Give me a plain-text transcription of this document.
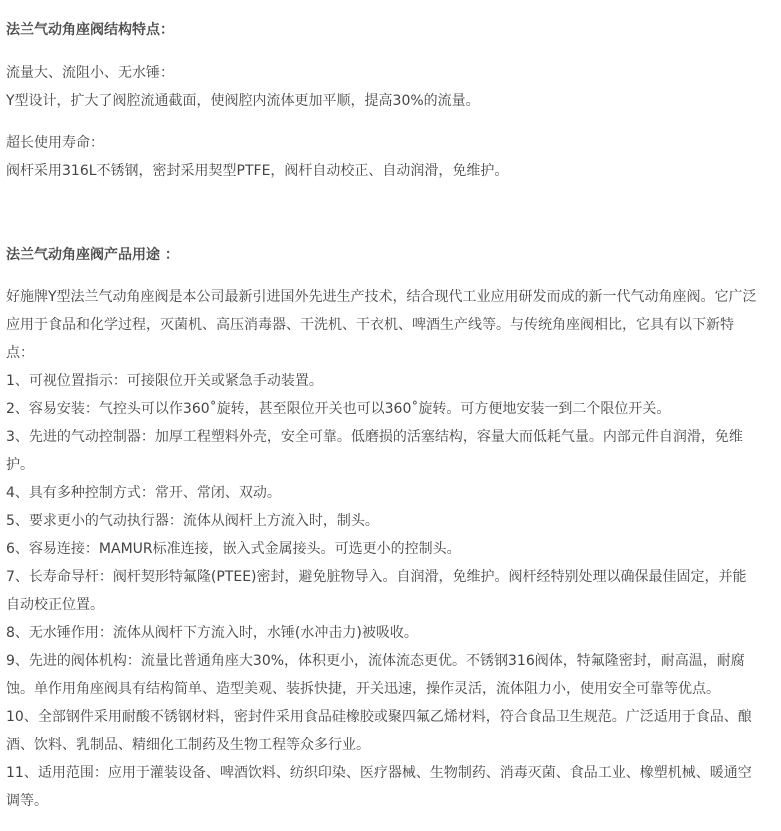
法兰气动角座阀结构特点：
流量大、流阻小、无水锤：
Y型设计，扩大了阀腔流通截面，使阀腔内流体更加平顺，提高30%的流量。
超长使用寿命：
阀杆采用316L不锈钢，密封采用契型PTFE，阀杆自动校正、自动润滑，免维护。
法兰气动角座阀产品用途 ：
好施牌Y型法兰气动角座阀是本公司最新引进国外先进生产技术，结合现代工业应用研发而成的新一代气动角座阀。它广泛应用于食品和化学过程，灭菌机、高压消毒器、干洗机、干衣机、啤酒生产线等。与传统角座阀相比，它具有以下新特点：
1、可视位置指示：可接限位开关或紧急手动装置。
2、容易安装：气控头可以作360˚旋转，甚至限位开关也可以360˚旋转。可方便地安装一到二个限位开关。
3、先进的气动控制器：加厚工程塑料外壳，安全可靠。低磨损的活塞结构，容量大而低耗气量。内部元件自润滑，免维护。
4、具有多种控制方式：常开、常闭、双动。
5、要求更小的气动执行器：流体从阀杆上方流入时，制头。
6、容易连接：MAMUR标准连接，嵌入式金属接头。可选更小的控制头。
7、长寿命导杆：阀杆契形特氟隆(PTEE)密封，避免脏物导入。自润滑，免维护。阀杆经特别处理以确保最佳固定，并能自动校正位置。
8、无水锤作用：流体从阀杆下方流入时，水锤(水冲击力)被吸收。
9、先进的阀体机构：流量比普通角座大30%，体积更小，流体流态更优。不锈钢316阀体，特氟隆密封，耐高温，耐腐蚀。单作用角座阀具有结构简单、造型美观、装拆快捷，开关迅速，操作灵活，流体阻力小，使用安全可靠等优点。
10、全部钢件采用耐酸不锈钢材料，密封件采用食品硅橡胶或聚四氟乙烯材料，符合食品卫生规范。广泛适用于食品、酿酒、饮料、乳制品、精细化工制药及生物工程等众多行业。
11、适用范围：应用于灌装设备、啤酒饮料、纺织印染、医疗器械、生物制药、消毒灭菌、食品工业、橡塑机械、暖通空调等。
